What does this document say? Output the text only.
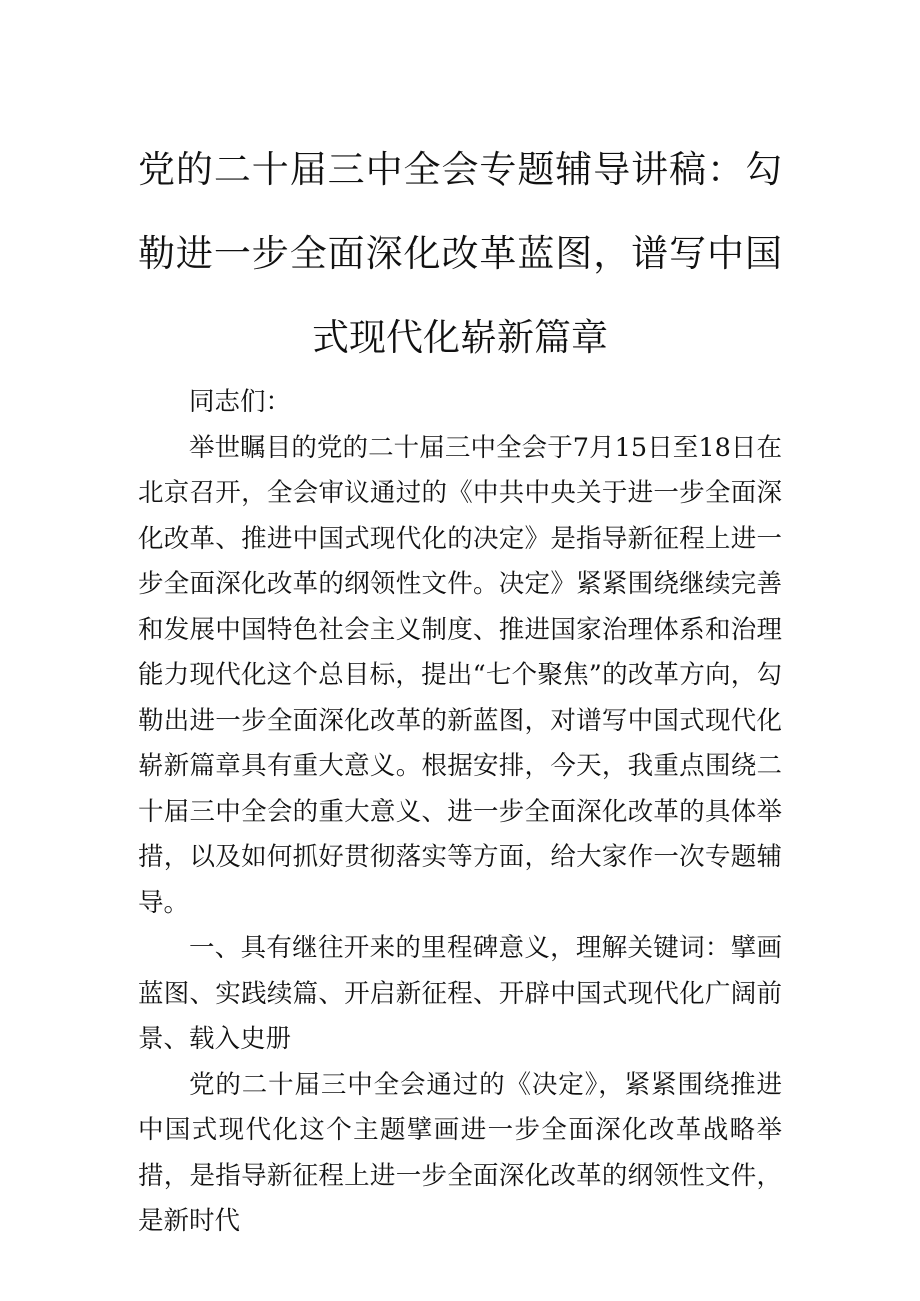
党的二十届三中全会专题辅导讲稿：勾勒进一步全面深化改革蓝图，谱写中国式现代化崭新篇章

同志们：

举世瞩目的党的二十届三中全会于7月15日至18日在北京召开，全会审议通过的《中共中央关于进一步全面深化改革、推进中国式现代化的决定》是指导新征程上进一步全面深化改革的纲领性文件。决定》紧紧围绕继续完善和发展中国特色社会主义制度、推进国家治理体系和治理能力现代化这个总目标，提出“七个聚焦”的改革方向，勾勒出进一步全面深化改革的新蓝图，对谱写中国式现代化崭新篇章具有重大意义。根据安排，今天，我重点围绕二十届三中全会的重大意义、进一步全面深化改革的具体举措，以及如何抓好贯彻落实等方面，给大家作一次专题辅导。

一、具有继往开来的里程碑意义，理解关键词：擘画蓝图、实践续篇、开启新征程、开辟中国式现代化广阔前景、载入史册

党的二十届三中全会通过的《决定》，紧紧围绕推进中国式现代化这个主题擘画进一步全面深化改革战略举措，是指导新征程上进一步全面深化改革的纲领性文件，是新时代
